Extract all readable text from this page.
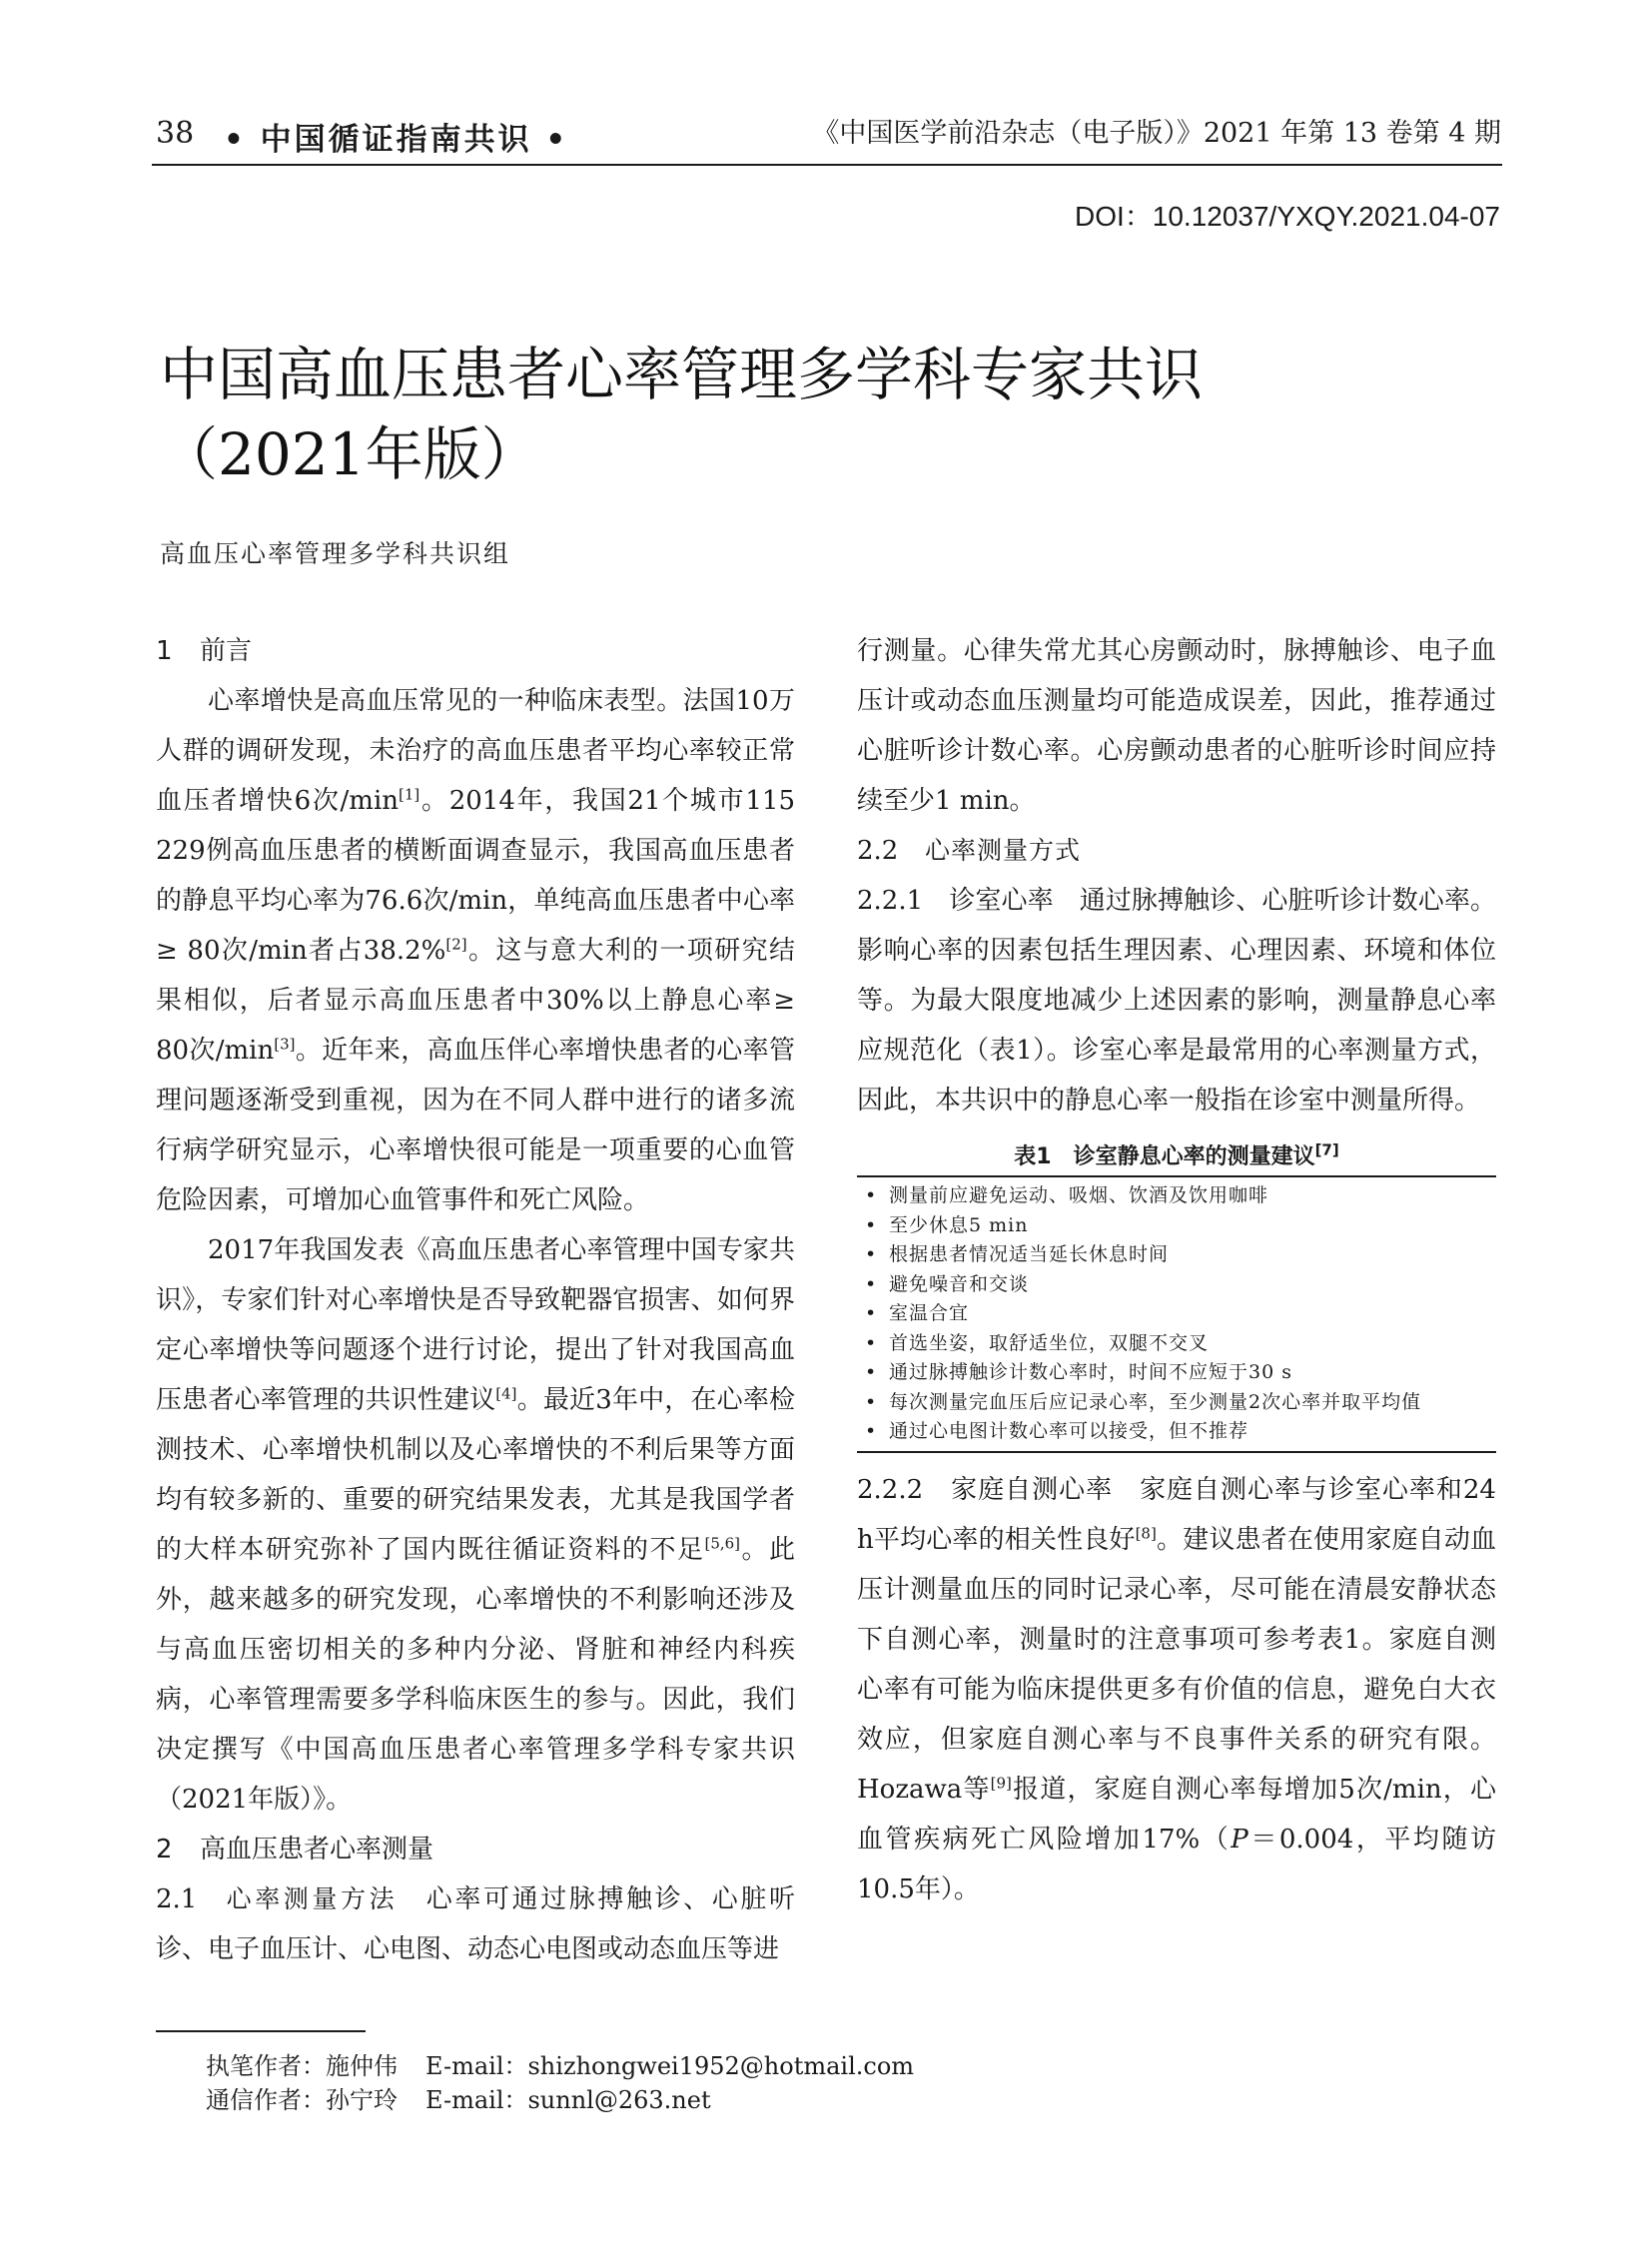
38 • 中国循证指南共识 •	《中国医学前沿杂志（电子版）》2021 年第 13 卷第 4 期
DOI：10.12037/YXQY.2021.04-07
中国高血压患者心率管理多学科专家共识
（2021年版）
高血压心率管理多学科共识组

1 前言

心率增快是高血压常见的一种临床表型。法国10万人群的调研发现，未治疗的高血压患者平均心率较正常血压者增快6次/min[1]。2014年，我国21个城市115 229例高血压患者的横断面调查显示，我国高血压患者的静息平均心率为76.6次/min，单纯高血压患者中心率≥ 80次/min者占38.2%[2]。这与意大利的一项研究结果相似，后者显示高血压患者中30%以上静息心率≥ 80次/min[3]。近年来，高血压伴心率增快患者的心率管理问题逐渐受到重视，因为在不同人群中进行的诸多流行病学研究显示，心率增快很可能是一项重要的心血管危险因素，可增加心血管事件和死亡风险。

2017年我国发表《高血压患者心率管理中国专家共识》，专家们针对心率增快是否导致靶器官损害、如何界定心率增快等问题逐个进行讨论，提出了针对我国高血压患者心率管理的共识性建议[4]。最近3年中，在心率检测技术、心率增快机制以及心率增快的不利后果等方面均有较多新的、重要的研究结果发表，尤其是我国学者的大样本研究弥补了国内既往循证资料的不足[5,6]。此外，越来越多的研究发现，心率增快的不利影响还涉及与高血压密切相关的多种内分泌、肾脏和神经内科疾病，心率管理需要多学科临床医生的参与。因此，我们决定撰写《中国高血压患者心率管理多学科专家共识（2021年版）》。

2 高血压患者心率测量

2.1 心率测量方法　 心率可通过脉搏触诊、心脏听诊、电子血压计、心电图、动态心电图或动态血压等进

行测量。心律失常尤其心房颤动时，脉搏触诊、电子血压计或动态血压测量均可能造成误差，因此，推荐通过心脏听诊计数心率。心房颤动患者的心脏听诊时间应持续至少1 min。

2.2 心率测量方式

2.2.1　 诊室心率　 通过脉搏触诊、心脏听诊计数心率。影响心率的因素包括生理因素、心理因素、环境和体位等。为最大限度地减少上述因素的影响，测量静息心率应规范化（表1）。诊室心率是最常用的心率测量方式，因此，本共识中的静息心率一般指在诊室中测量所得。

表1　诊室静息心率的测量建议[7]
• 测量前应避免运动、吸烟、饮酒及饮用咖啡
• 至少休息5 min
• 根据患者情况适当延长休息时间
• 避免噪音和交谈
• 室温合宜
• 首选坐姿，取舒适坐位，双腿不交叉
• 通过脉搏触诊计数心率时，时间不应短于30 s
• 每次测量完血压后应记录心率，至少测量2次心率并取平均值
• 通过心电图计数心率可以接受，但不推荐

2.2.2　 家庭自测心率　 家庭自测心率与诊室心率和24 h平均心率的相关性良好[8]。建议患者在使用家庭自动血压计测量血压的同时记录心率，尽可能在清晨安静状态下自测心率，测量时的注意事项可参考表1。家庭自测心率有可能为临床提供更多有价值的信息，避免白大衣效应，但家庭自测心率与不良事件关系的研究有限。Hozawa等[9]报道，家庭自测心率每增加5次/min，心血管疾病死亡风险增加17%（P＝0.004，平均随访10.5年）。

执笔作者：施仲伟 E-mail：shizhongwei1952@hotmail.com
通信作者：孙宁玲 E-mail：sunnl@263.net
